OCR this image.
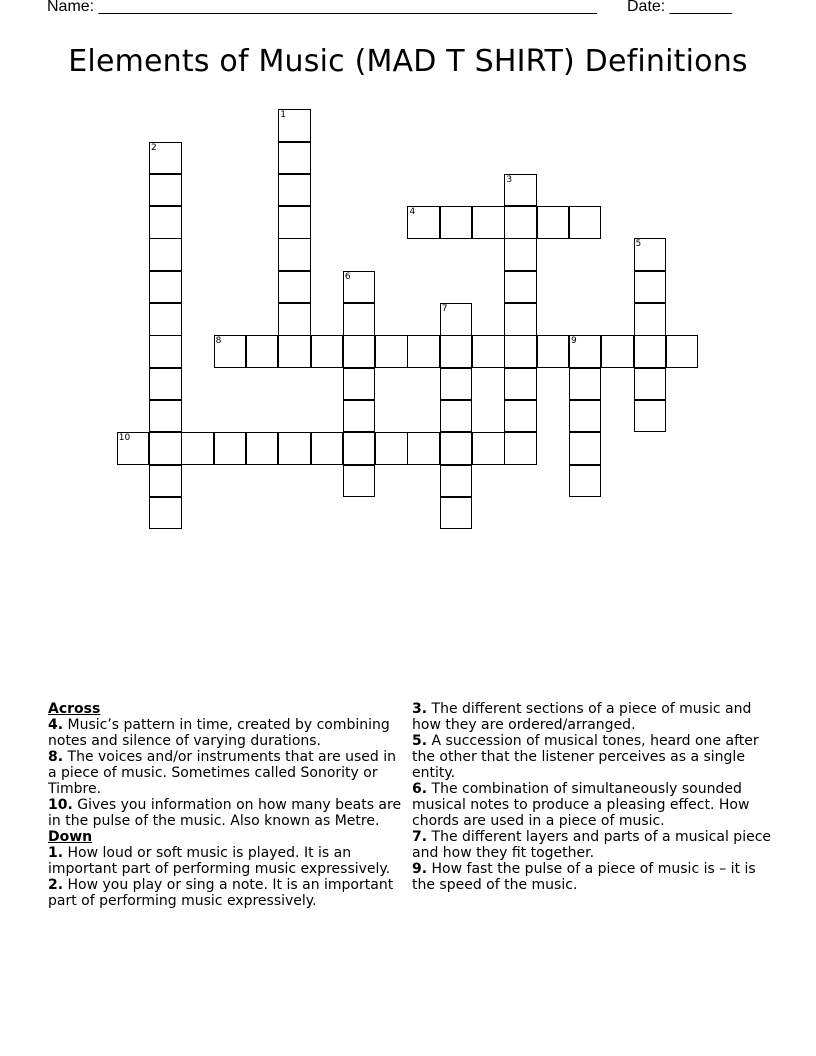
Name: ________________________________________________________ Date: _______
Elements of Music (MAD T SHIRT) Definitions
1
2
3
4
5
6
7
8	9
10
Across
4. Music’s pattern in time, created by combining notes and silence of varying durations.
8. The voices and/or instruments that are used in a piece of music. Sometimes called Sonority or Timbre.
10. Gives you information on how many beats are in the pulse of the music. Also known as Metre.
Down
1. How loud or soft music is played. It is an important part of performing music expressively.
2. How you play or sing a note. It is an important part of performing music expressively.
3. The different sections of a piece of music and how they are ordered/arranged.
5. A succession of musical tones, heard one after the other that the listener perceives as a single entity.
6. The combination of simultaneously sounded musical notes to produce a pleasing effect. How chords are used in a piece of music.
7. The different layers and parts of a musical piece and how they fit together.
9. How fast the pulse of a piece of music is – it is the speed of the music.
